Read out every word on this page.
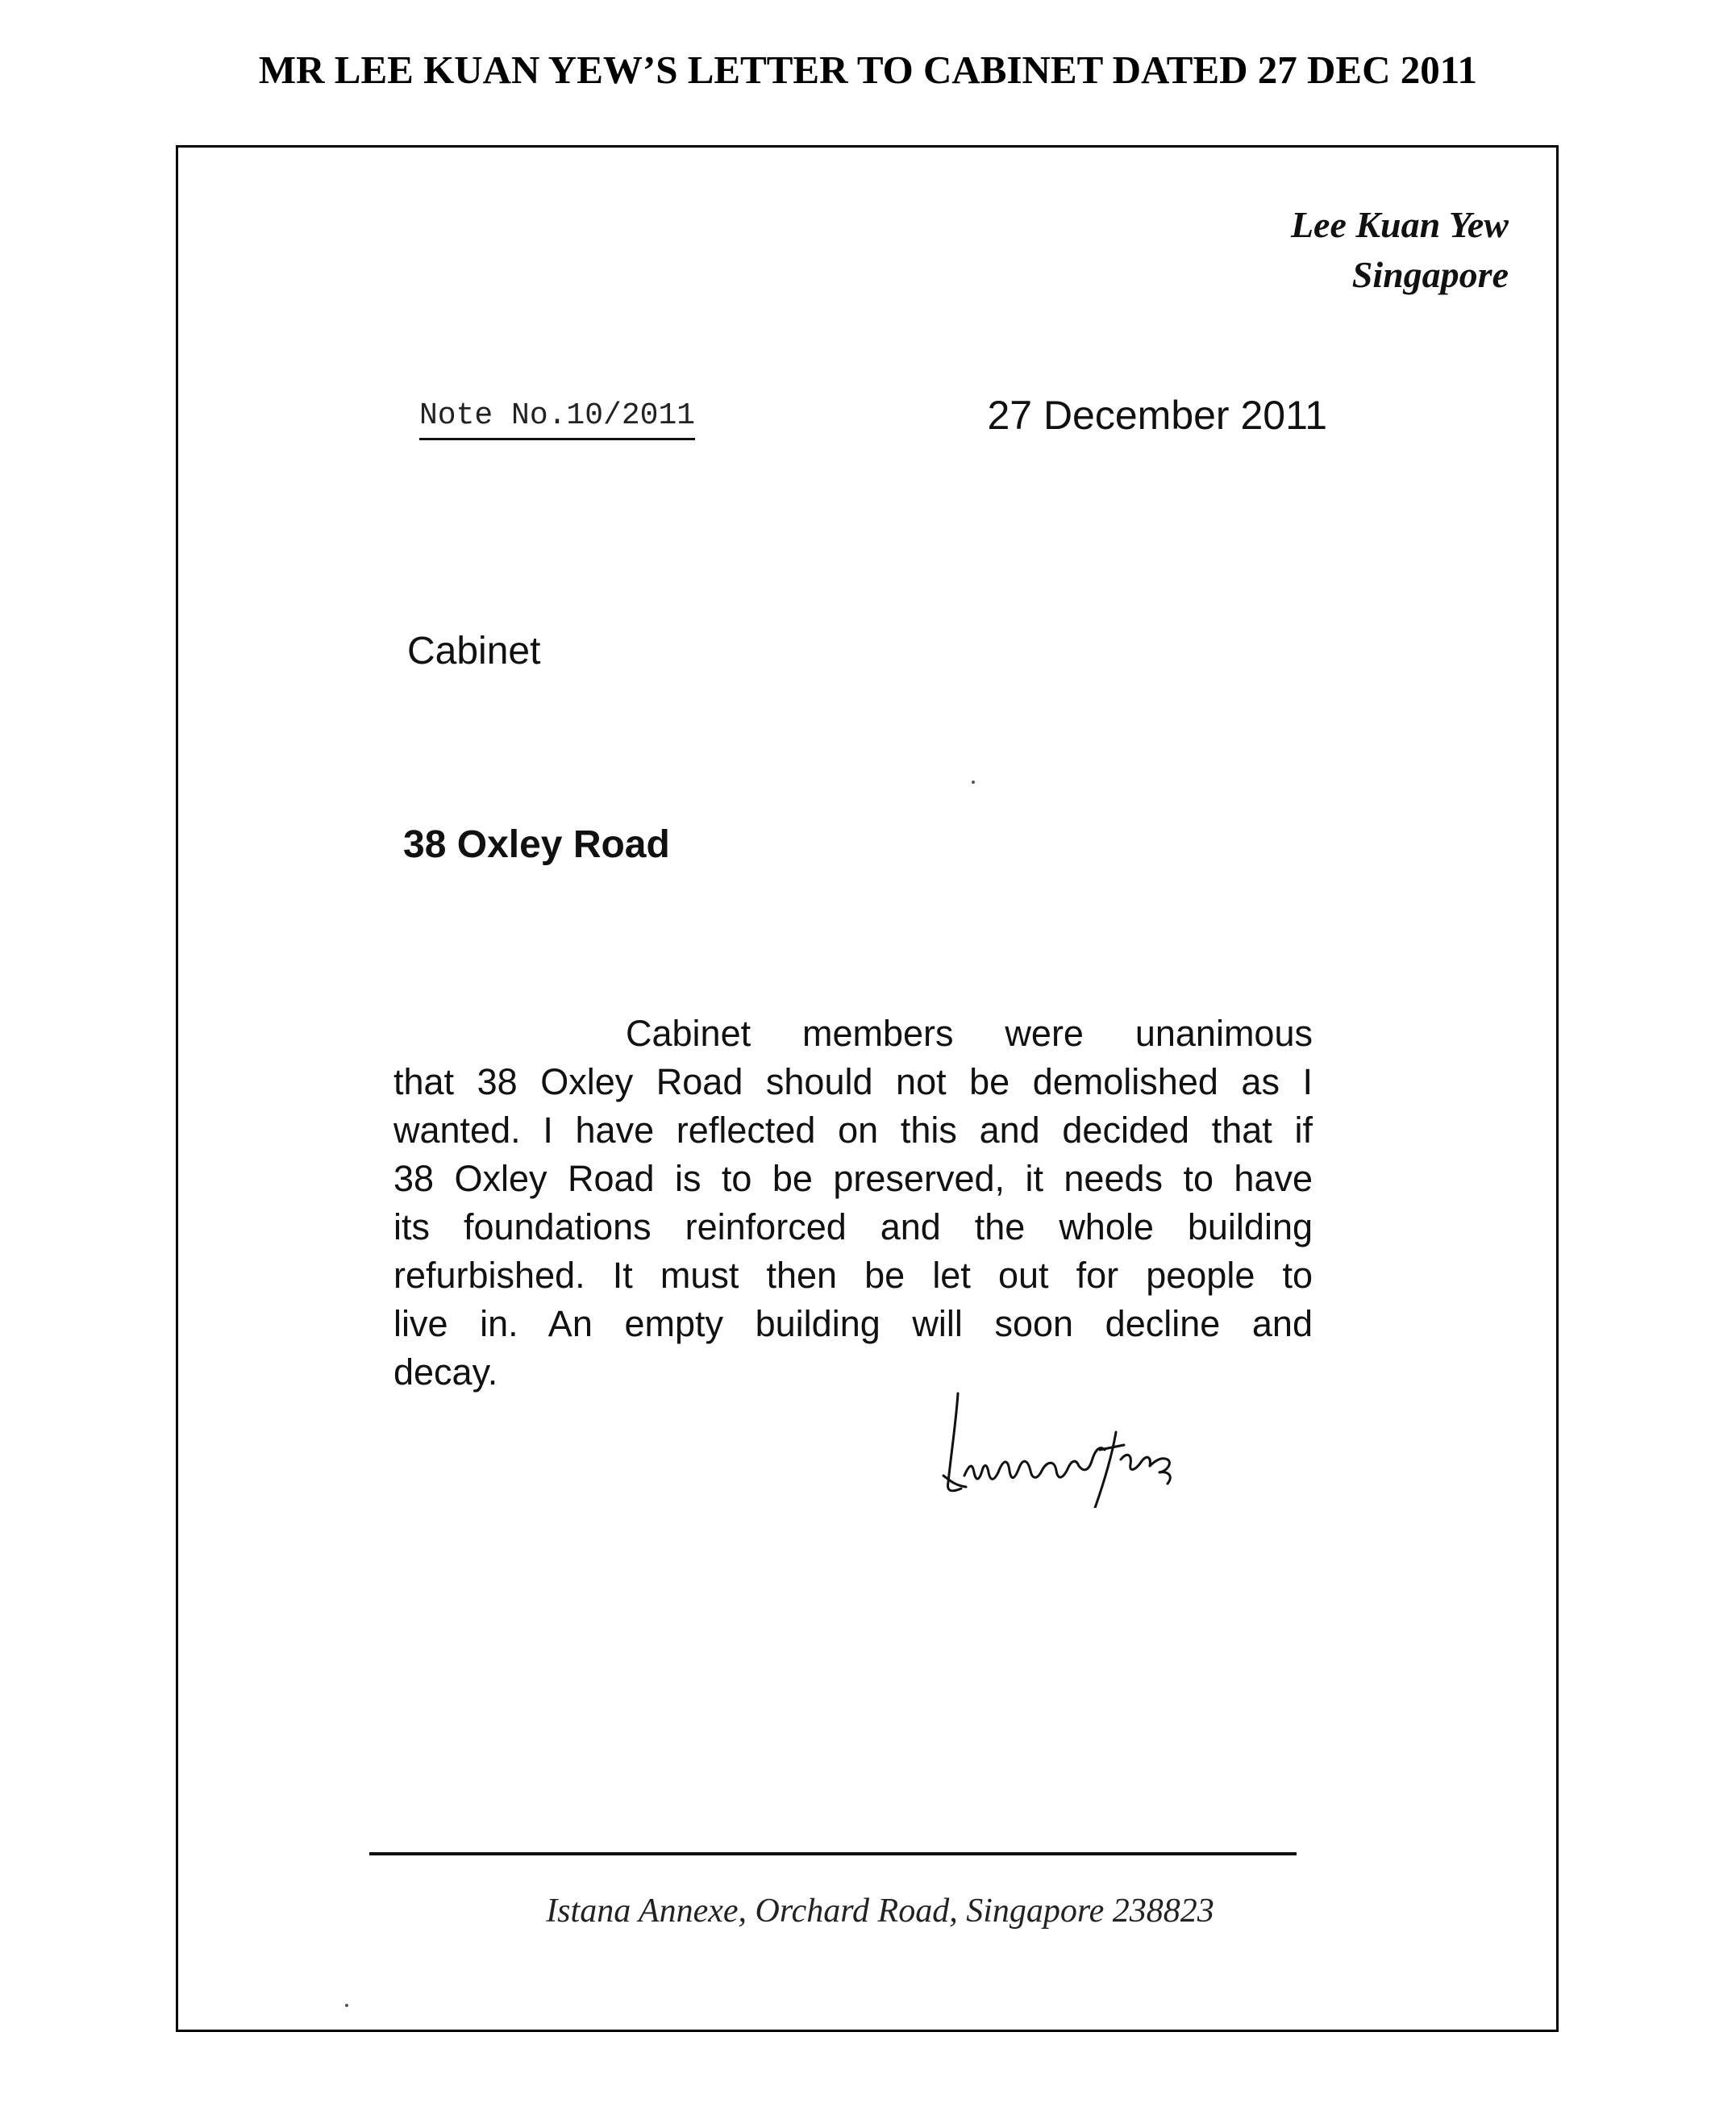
MR LEE KUAN YEW’S LETTER TO CABINET DATED 27 DEC 2011
Lee Kuan Yew
Singapore
Note No.10/2011	27 December 2011
Cabinet
38 Oxley Road
Cabinet members were unanimous
that 38 Oxley Road should not be demolished as I
wanted. I have reflected on this and decided that if
38 Oxley Road is to be preserved, it needs to have
its foundations reinforced and the whole building
refurbished. It must then be let out for people to
live in. An empty building will soon decline and
decay.
Istana Annexe, Orchard Road, Singapore 238823
